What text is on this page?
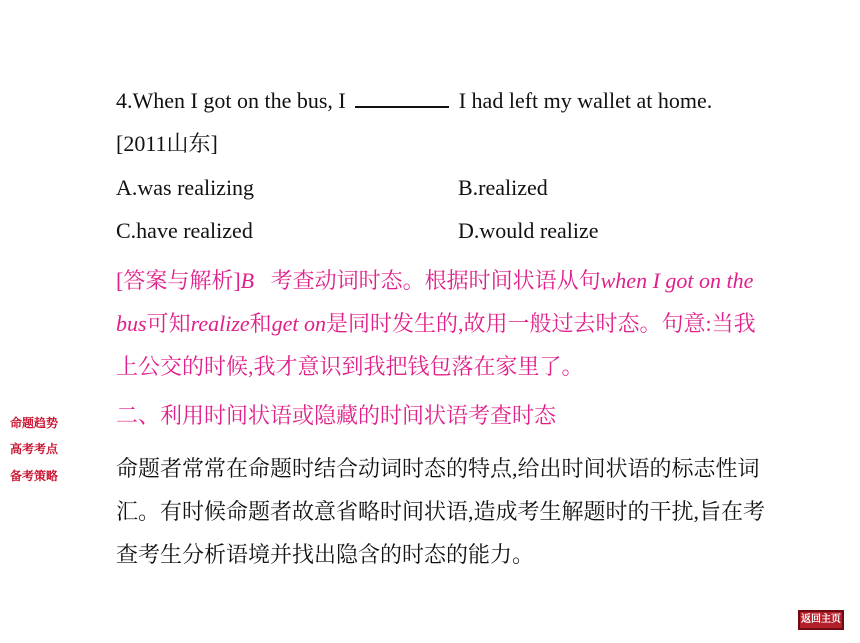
4.When I got on the bus, I	I had left my wallet at home.
[2011山东]
A.was realizing	B.realized
C.have realized	D.would realize
[答案与解析]B 考查动词时态。根据时间状语从句when I got on the
bus可知realize和get on是同时发生的,故用一般过去时态。句意:当我
上公交的时候,我才意识到我把钱包落在家里了。
二、利用时间状语或隐藏的时间状语考查时态
命题者常常在命题时结合动词时态的特点,给出时间状语的标志性词
汇。有时候命题者故意省略时间状语,造成考生解题时的干扰,旨在考
查考生分析语境并找出隐含的时态的能力。
命题趋势
高考考点
备考策略
返回主页
